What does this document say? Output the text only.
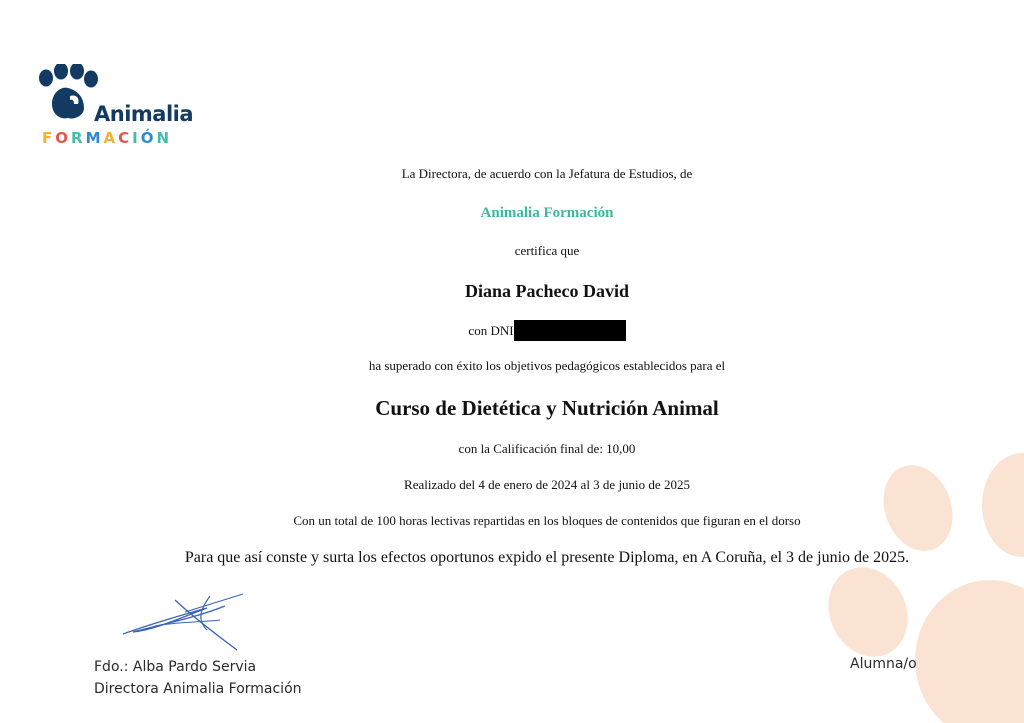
Animalia
FORMACIÓN
La Directora, de acuerdo con la Jefatura de Estudios, de
Animalia Formación
certifica que
Diana Pacheco David
con DNI
ha superado con éxito los objetivos pedagógicos establecidos para el
Curso de Dietética y Nutrición Animal
con la Calificación final de: 10,00
Realizado del 4 de enero de 2024 al 3 de junio de 2025
Con un total de 100 horas lectivas repartidas en los bloques de contenidos que figuran en el dorso
Para que así conste y surta los efectos oportunos expido el presente Diploma, en A Coruña, el 3 de junio de 2025.
Fdo.: Alba Pardo Servia
Directora Animalia Formación
Alumna/o
